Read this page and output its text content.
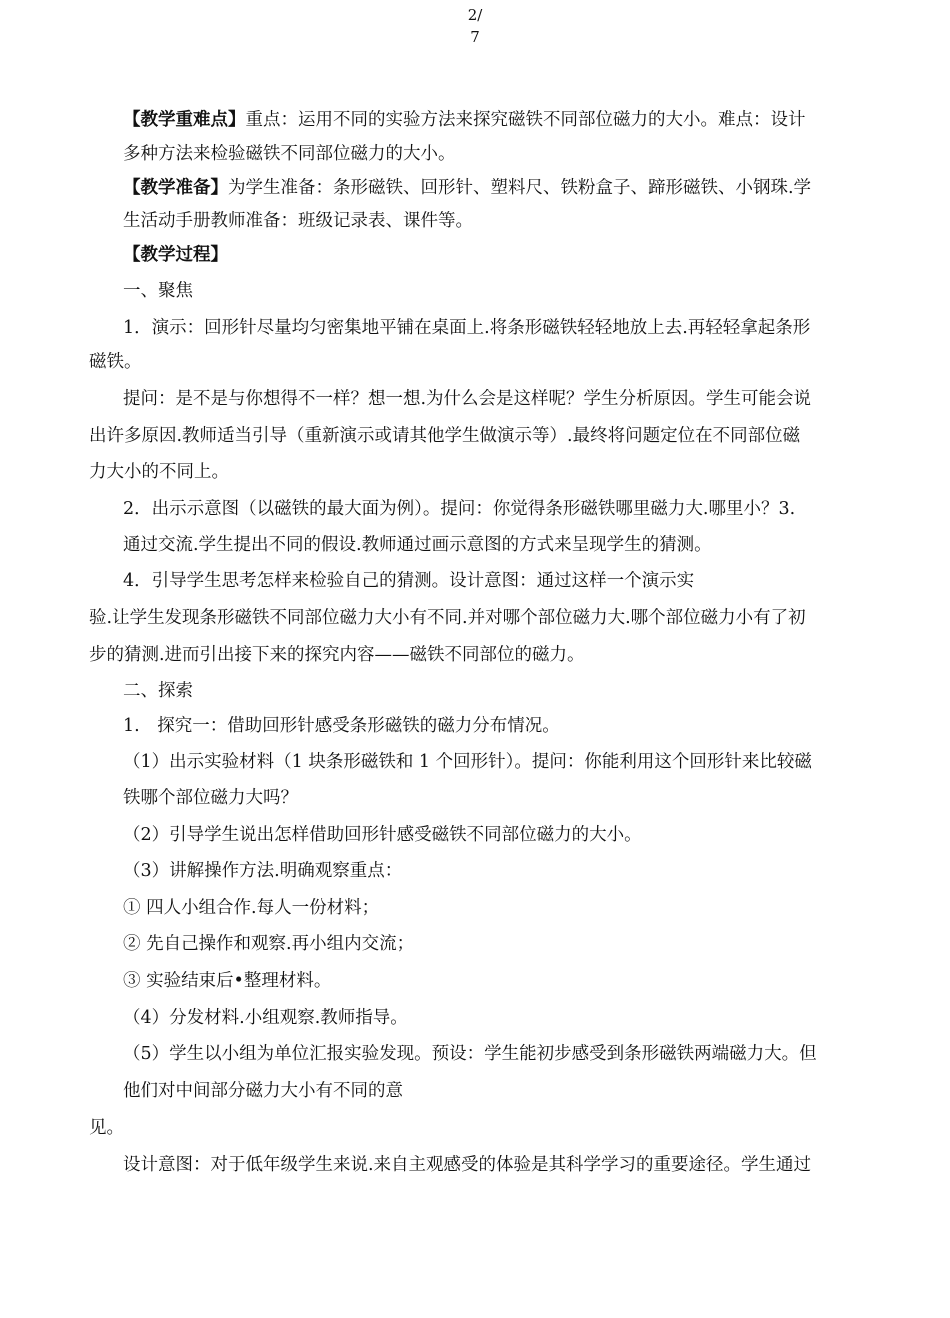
2/
7
【教学重难点】重点：运用不同的实验方法来探究磁铁不同部位磁力的大小。难点：设计
多种方法来检验磁铁不同部位磁力的大小。
【教学准备】为学生准备：条形磁铁、回形针、塑料尺、铁粉盒子、蹄形磁铁、小钢珠.学
生活动手册教师准备：班级记录表、课件等。
【教学过程】
一、聚焦
1．演示：回形针尽量均匀密集地平铺在桌面上.将条形磁铁轻轻地放上去.再轻轻拿起条形
磁铁。
提问：是不是与你想得不一样？想一想.为什么会是这样呢？学生分析原因。学生可能会说
出许多原因.教师适当引导（重新演示或请其他学生做演示等）.最终将问题定位在不同部位磁
力大小的不同上。
2．出示示意图（以磁铁的最大面为例）。提问：你觉得条形磁铁哪里磁力大.哪里小？3.
通过交流.学生提出不同的假设.教师通过画示意图的方式来呈现学生的猜测。
4．引导学生思考怎样来检验自己的猜测。设计意图：通过这样一个演示实
验.让学生发现条形磁铁不同部位磁力大小有不同.并对哪个部位磁力大.哪个部位磁力小有了初
步的猜测.进而引出接下来的探究内容——磁铁不同部位的磁力。
二、探索
1.　探究一：借助回形针感受条形磁铁的磁力分布情况。
（1）出示实验材料（1 块条形磁铁和 1 个回形针）。提问：你能利用这个回形针来比较磁
铁哪个部位磁力大吗？
（2）引导学生说出怎样借助回形针感受磁铁不同部位磁力的大小。
（3）讲解操作方法.明确观察重点：
① 四人小组合作.每人一份材料；
② 先自己操作和观察.再小组内交流；
③ 实验结束后•整理材料。
（4）分发材料.小组观察.教师指导。
（5）学生以小组为单位汇报实验发现。预设：学生能初步感受到条形磁铁两端磁力大。但
他们对中间部分磁力大小有不同的意
见。
设计意图：对于低年级学生来说.来自主观感受的体验是其科学学习的重要途径。学生通过
